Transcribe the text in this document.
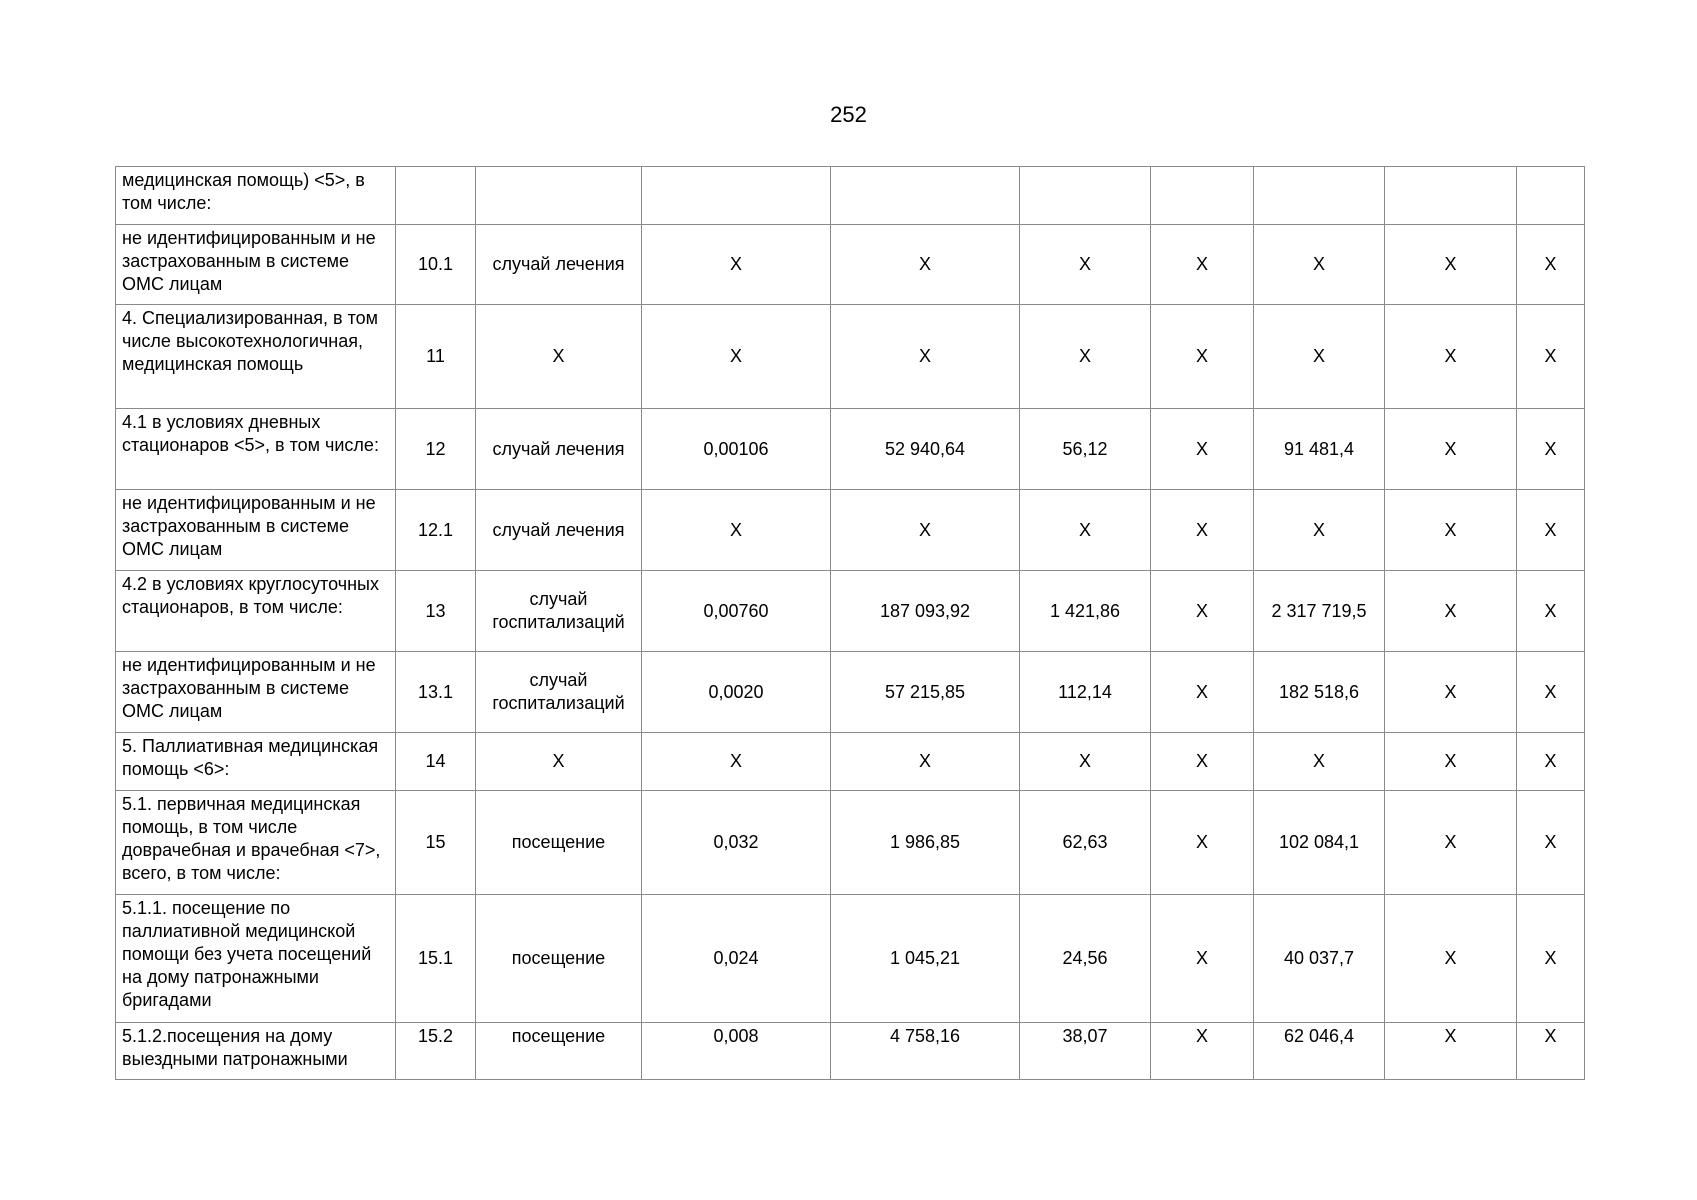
252
медицинская помощь) <5>, в том числе:									
не идентифицированным и не застрахованным в системе ОМС лицам	10.1	случай лечения	X	X	X	X	X	X	X
4. Специализированная, в том числе высокотехнологичная, медицинская помощь	11	X	X	X	X	X	X	X	X
4.1 в условиях дневных стационаров <5>, в том числе:	12	случай лечения	0,00106	52 940,64	56,12	X	91 481,4	X	X
не идентифицированным и не застрахованным в системе ОМС лицам	12.1	случай лечения	X	X	X	X	X	X	X
4.2 в условиях круглосуточных стационаров, в том числе:	13	случай госпитализаций	0,00760	187 093,92	1 421,86	X	2 317 719,5	X	X
не идентифицированным и не застрахованным в системе ОМС лицам	13.1	случай госпитализаций	0,0020	57 215,85	112,14	X	182 518,6	X	X
5. Паллиативная медицинская помощь <6>:	14	X	X	X	X	X	X	X	X
5.1. первичная медицинская помощь, в том числе доврачебная и врачебная <7>, всего, в том числе:	15	посещение	0,032	1 986,85	62,63	X	102 084,1	X	X
5.1.1. посещение по паллиативной медицинской помощи без учета посещений на дому патронажными бригадами	15.1	посещение	0,024	1 045,21	24,56	X	40 037,7	X	X
5.1.2.посещения на дому выездными патронажными	15.2	посещение	0,008	4 758,16	38,07	X	62 046,4	X	X
